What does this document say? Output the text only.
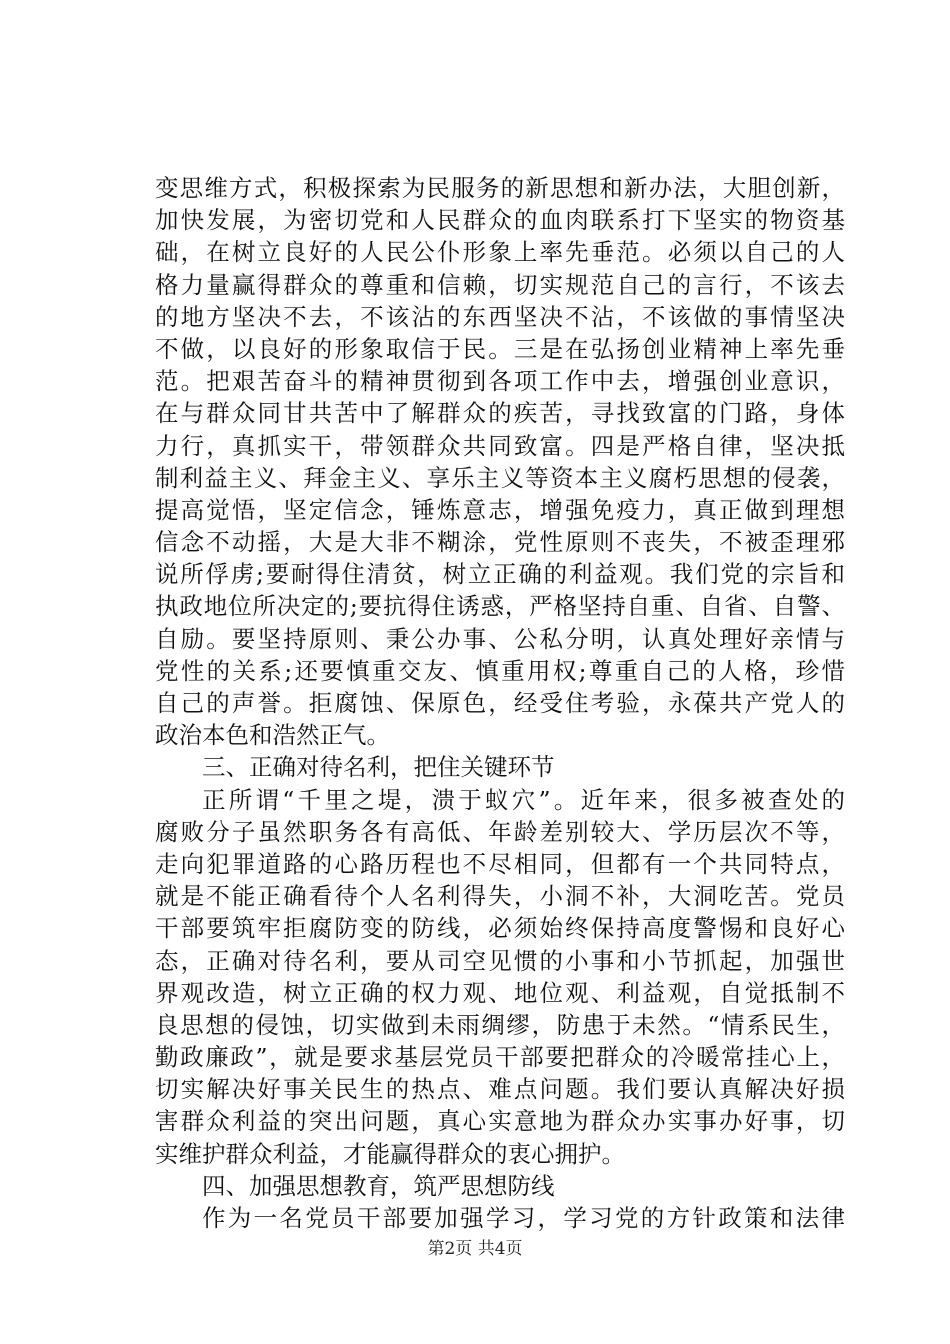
变思维方式，积极探索为民服务的新思想和新办法，大胆创新，
加快发展，为密切党和人民群众的血肉联系打下坚实的物资基
础，在树立良好的人民公仆形象上率先垂范。必须以自己的人
格力量赢得群众的尊重和信赖，切实规范自己的言行，不该去
的地方坚决不去，不该沾的东西坚决不沾，不该做的事情坚决
不做，以良好的形象取信于民。三是在弘扬创业精神上率先垂
范。把艰苦奋斗的精神贯彻到各项工作中去，增强创业意识，
在与群众同甘共苦中了解群众的疾苦，寻找致富的门路，身体
力行，真抓实干，带领群众共同致富。四是严格自律，坚决抵
制利益主义、拜金主义、享乐主义等资本主义腐朽思想的侵袭，
提高觉悟，坚定信念，锤炼意志，增强免疫力，真正做到理想
信念不动摇，大是大非不糊涂，党性原则不丧失，不被歪理邪
说所俘虏;要耐得住清贫，树立正确的利益观。我们党的宗旨和
执政地位所决定的;要抗得住诱惑，严格坚持自重、自省、自警、
自励。要坚持原则、秉公办事、公私分明，认真处理好亲情与
党性的关系;还要慎重交友、慎重用权;尊重自己的人格，珍惜
自己的声誉。拒腐蚀、保原色，经受住考验，永葆共产党人的
政治本色和浩然正气。
三、正确对待名利，把住关键环节
正所谓“千里之堤，溃于蚁穴”。近年来，很多被查处的
腐败分子虽然职务各有高低、年龄差别较大、学历层次不等，
走向犯罪道路的心路历程也不尽相同，但都有一个共同特点，
就是不能正确看待个人名利得失，小洞不补，大洞吃苦。党员
干部要筑牢拒腐防变的防线，必须始终保持高度警惕和良好心
态，正确对待名利，要从司空见惯的小事和小节抓起，加强世
界观改造，树立正确的权力观、地位观、利益观，自觉抵制不
良思想的侵蚀，切实做到未雨绸缪，防患于未然。“情系民生，
勤政廉政”，就是要求基层党员干部要把群众的冷暖常挂心上，
切实解决好事关民生的热点、难点问题。我们要认真解决好损
害群众利益的突出问题，真心实意地为群众办实事办好事，切
实维护群众利益，才能赢得群众的衷心拥护。
四、加强思想教育，筑严思想防线
作为一名党员干部要加强学习，学习党的方针政策和法律
第2页 共4页
